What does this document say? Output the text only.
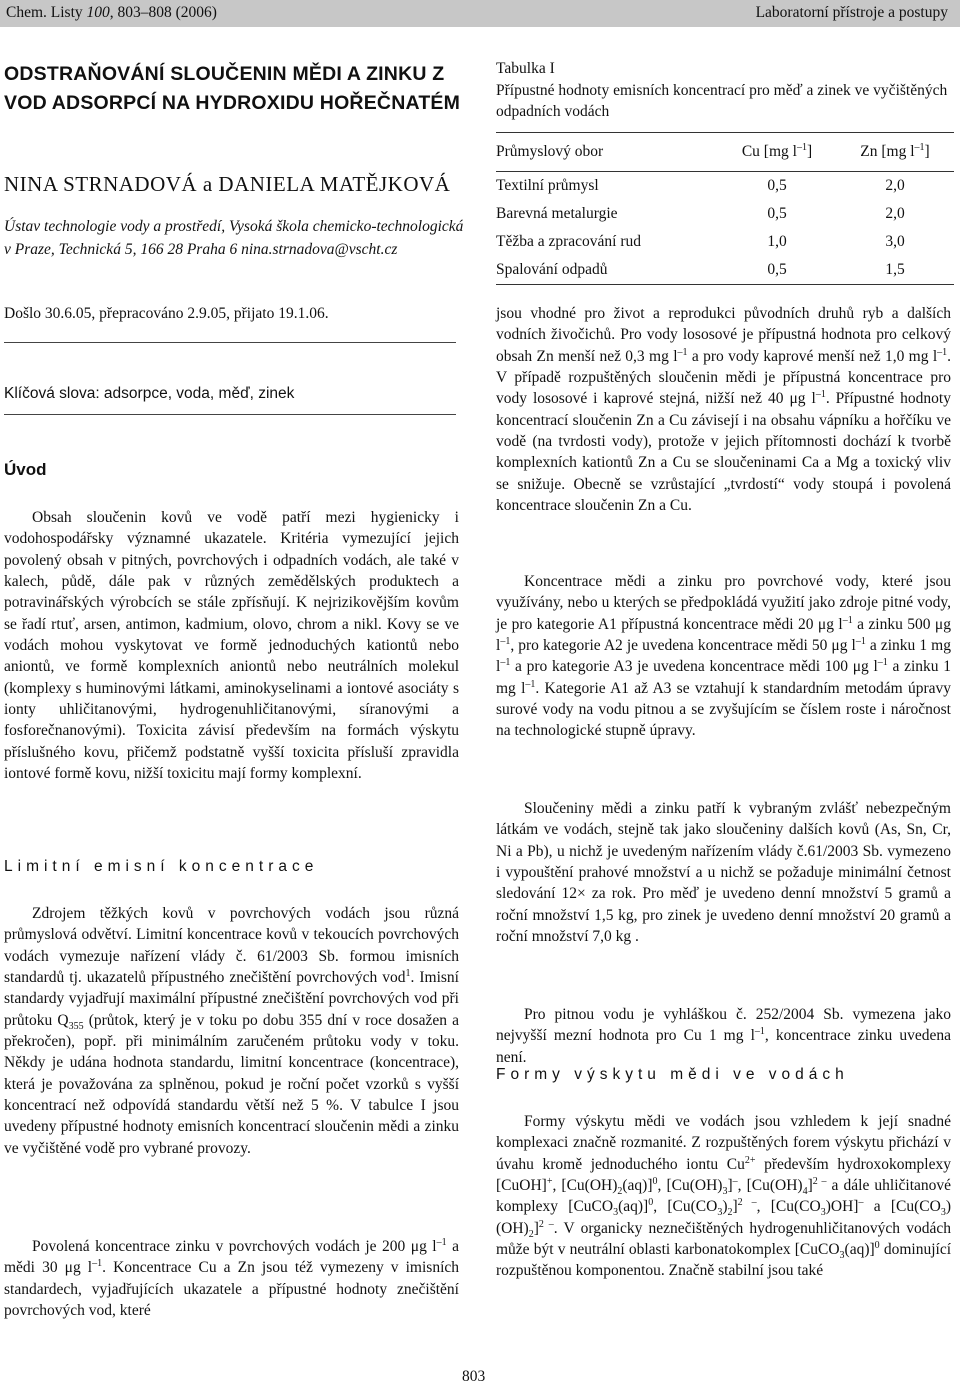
Chem. Listy 100, 803–808 (2006)	Laboratorní přístroje a postupy
ODSTRAŇOVÁNÍ SLOUČENIN MĚDI A ZINKU Z VOD ADSORPCÍ NA HYDROXIDU HOŘEČNATÉM

NINA STRNADOVÁ a DANIELA MATĚJKOVÁ

Ústav technologie vody a prostředí, Vysoká škola chemicko-technologická v Praze, Technická 5, 166 28 Praha 6 nina.strnadova@vscht.cz

Došlo 30.6.05, přepracováno 2.9.05, přijato 19.1.06.

Klíčová slova: adsorpce, voda, měď, zinek

Úvod

Obsah sloučenin kovů ve vodě patří mezi hygienicky i vodohospodářsky významné ukazatele. Kritéria vymezující jejich povolený obsah v pitných, povrchových i odpadních vodách, ale také v kalech, půdě, dále pak v různých zemědělských produktech a potravinářských výrobcích se stále zpřísňují. K nejrizikovějším kovům se řadí rtuť, arsen, antimon, kadmium, olovo, chrom a nikl. Kovy se ve vodách mohou vyskytovat ve formě jednoduchých kationtů nebo aniontů, ve formě komplexních aniontů nebo neutrálních molekul (komplexy s huminovými látkami, aminokyselinami a iontové asociáty s ionty uhličitanovými, hydrogenuhličitanovými, síranovými a fosforečnanovými). Toxicita závisí především na formách výskytu příslušného kovu, přičemž podstatně vyšší toxicita přísluší zpravidla iontové formě kovu, nižší toxicitu mají formy komplexní.

Limitní emisní koncentrace

Zdrojem těžkých kovů v povrchových vodách jsou různá průmyslová odvětví. Limitní koncentrace kovů v tekoucích povrchových vodách vymezuje nařízení vlády č. 61/2003 Sb. formou imisních standardů tj. ukazatelů přípustného znečištění povrchových vod$^1$. Imisní standardy vyjadřují maximální přípustné znečištění povrchových vod při průtoku $Q_{355}$ (průtok, který je v toku po dobu 355 dní v roce dosažen a překročen), popř. při minimálním zaručeném průtoku vody v toku. Někdy je udána hodnota standardu, limitní koncentrace (koncentrace), která je považována za splněnou, pokud je roční počet vzorků s vyšší koncentrací než odpovídá standardu větší než 5 %. V tabulce I jsou uvedeny přípustné hodnoty emisních koncentrací sloučenin mědi a zinku ve vyčištěné vodě pro vybrané provozy.

Povolená koncentrace zinku v povrchových vodách je 200 μg $l^{-1}$ a mědi 30 μg $l^{-1}$. Koncentrace Cu a Zn jsou též vymezeny v imisních standardech, vyjadřujících ukazatele a přípustné hodnoty znečištění povrchových vod, které

Tabulka I
Přípustné hodnoty emisních koncentrací pro měď a zinek ve vyčištěných odpadních vodách

Průmyslový obor	Cu [mg $l^{-1}$]	Zn [mg $l^{-1}$]
Textilní průmysl	0,5	2,0
Barevná metalurgie	0,5	2,0
Těžba a zpracování rud	1,0	3,0
Spalování odpadů	0,5	1,5

jsou vhodné pro život a reprodukci původních druhů ryb a dalších vodních živočichů. Pro vody lososové je přípustná hodnota pro celkový obsah Zn menší než 0,3 mg $l^{-1}$ a pro vody kaprové menší než 1,0 mg $l^{-1}$. V případě rozpuštěných sloučenin mědi je přípustná koncentrace pro vody lososové i kaprové stejná, nižší než 40 μg $l^{-1}$. Přípustné hodnoty koncentrací sloučenin Zn a Cu závisejí i na obsahu vápníku a hořčíku ve vodě (na tvrdosti vody), protože v jejich přítomnosti dochází k tvorbě komplexních kationtů Zn a Cu se sloučeninami Ca a Mg a toxický vliv se snižuje. Obecně se vzrůstající „tvrdostí“ vody stoupá i povolená koncentrace sloučenin Zn a Cu.

Koncentrace mědi a zinku pro povrchové vody, které jsou využívány, nebo u kterých se předpokládá využití jako zdroje pitné vody, je pro kategorie A1 přípustná koncentrace mědi 20 μg $l^{-1}$ a zinku 500 μg $l^{-1}$, pro kategorie A2 je uvedena koncentrace mědi 50 μg $l^{-1}$ a zinku 1 mg $l^{-1}$ a pro kategorie A3 je uvedena koncentrace mědi 100 μg $l^{-1}$ a zinku 1 mg $l^{-1}$. Kategorie A1 až A3 se vztahují k standardním metodám úpravy surové vody na vodu pitnou a se zvyšujícím se číslem roste i náročnost na technologické stupně úpravy.

Sloučeniny mědi a zinku patří k vybraným zvlášť nebezpečným látkám ve vodách, stejně tak jako sloučeniny dalších kovů (As, Sn, Cr, Ni a Pb), u nichž je uvedeným nařízením vlády č.61/2003 Sb. vymezeno i vypouštění prahové množství a u nichž se požaduje minimální četnost sledování 12× za rok. Pro měď je uvedeno denní množství 5 gramů a roční množství 1,5 kg, pro zinek je uvedeno denní množství 20 gramů a roční množství 7,0 kg .

Pro pitnou vodu je vyhláškou č. 252/2004 Sb. vymezena jako nejvyšší mezní hodnota pro Cu 1 mg $l^{-1}$, koncentrace zinku uvedena není.

Formy výskytu mědi ve vodách

Formy výskytu mědi ve vodách jsou vzhledem k její snadné komplexaci značně rozmanité. Z rozpuštěných forem výskytu přichází v úvahu kromě jednoduchého iontu $Cu^{2+}$ především hydroxokomplexy [CuOH]+, $[Cu(OH)_2(aq)]^0$, $[Cu(OH)_3]^-$, $[Cu(OH)_4]^{2 -}$ a dále uhličitanové komplexy [CuCO$_3$(aq)]$^0$, $[Cu(CO_3)_2]^{2 -}$, $[Cu(CO_3)OH]^-$ a $[Cu(CO_3)(OH)_2]^{2 -}$. V organicky neznečištěných hydrogenuhličitanových vodách může být v neutrální oblasti karbonatokomplex [CuCO$_3$(aq)]$^0$ dominující rozpuštěnou komponentou. Značně stabilní jsou také

803
